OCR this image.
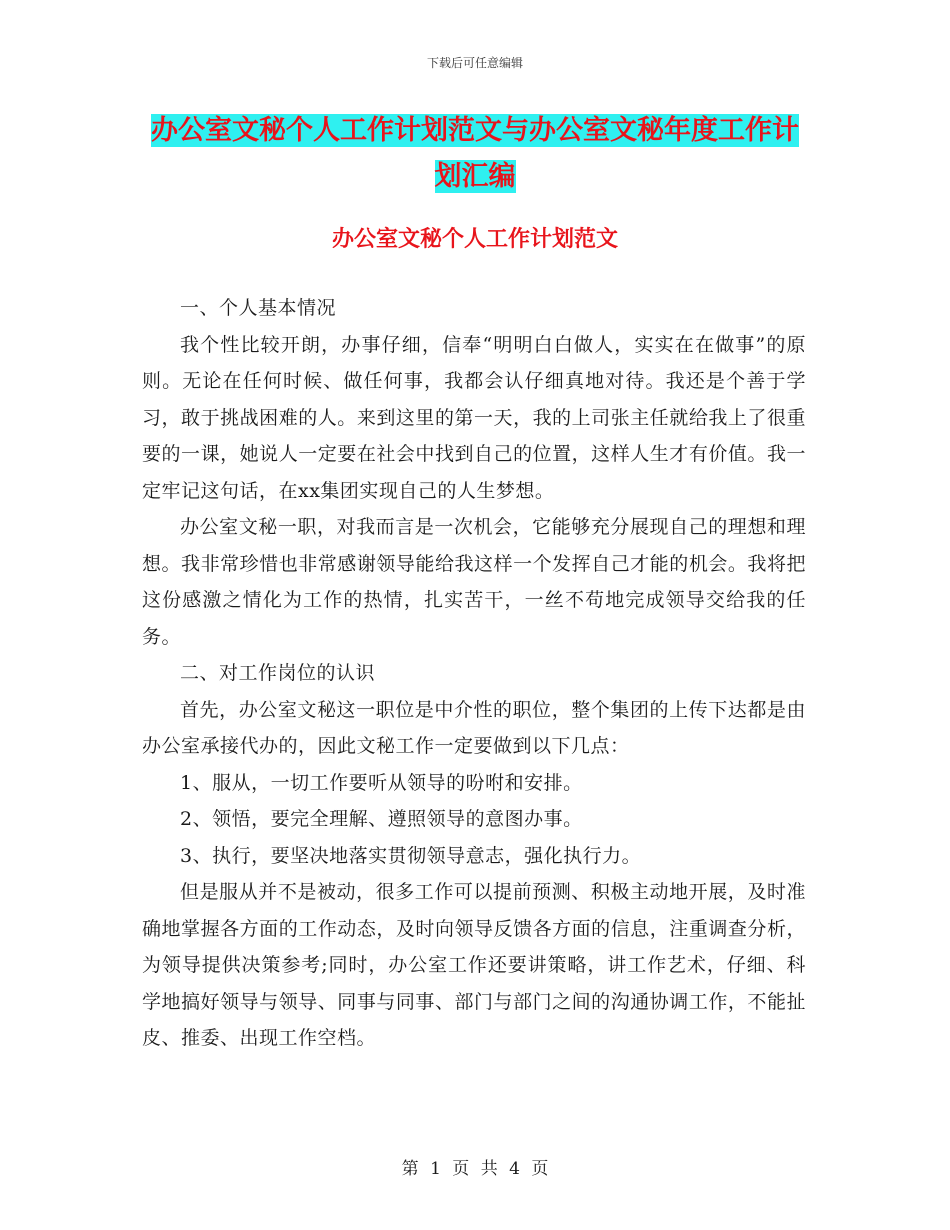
下载后可任意编辑
办公室文秘个人工作计划范文与办公室文秘年度工作计划汇编
办公室文秘个人工作计划范文

一、个人基本情况

我个性比较开朗，办事仔细，信奉“明明白白做人，实实在在做事”的原则。无论在任何时候、做任何事，我都会认仔细真地对待。我还是个善于学习，敢于挑战困难的人。来到这里的第一天，我的上司张主任就给我上了很重要的一课，她说人一定要在社会中找到自己的位置，这样人生才有价值。我一定牢记这句话，在xx集团实现自己的人生梦想。

办公室文秘一职，对我而言是一次机会，它能够充分展现自己的理想和理想。我非常珍惜也非常感谢领导能给我这样一个发挥自己才能的机会。我将把这份感激之情化为工作的热情，扎实苦干，一丝不苟地完成领导交给我的任务。

二、对工作岗位的认识

首先，办公室文秘这一职位是中介性的职位，整个集团的上传下达都是由办公室承接代办的，因此文秘工作一定要做到以下几点：

1、服从，一切工作要听从领导的吩咐和安排。

2、领悟，要完全理解、遵照领导的意图办事。

3、执行，要坚决地落实贯彻领导意志，强化执行力。

但是服从并不是被动，很多工作可以提前预测、积极主动地开展，及时准确地掌握各方面的工作动态，及时向领导反馈各方面的信息，注重调查分析，为领导提供决策参考;同时，办公室工作还要讲策略，讲工作艺术，仔细、科学地搞好领导与领导、同事与同事、部门与部门之间的沟通协调工作，不能扯皮、推委、出现工作空档。

第 1 页 共 4 页
